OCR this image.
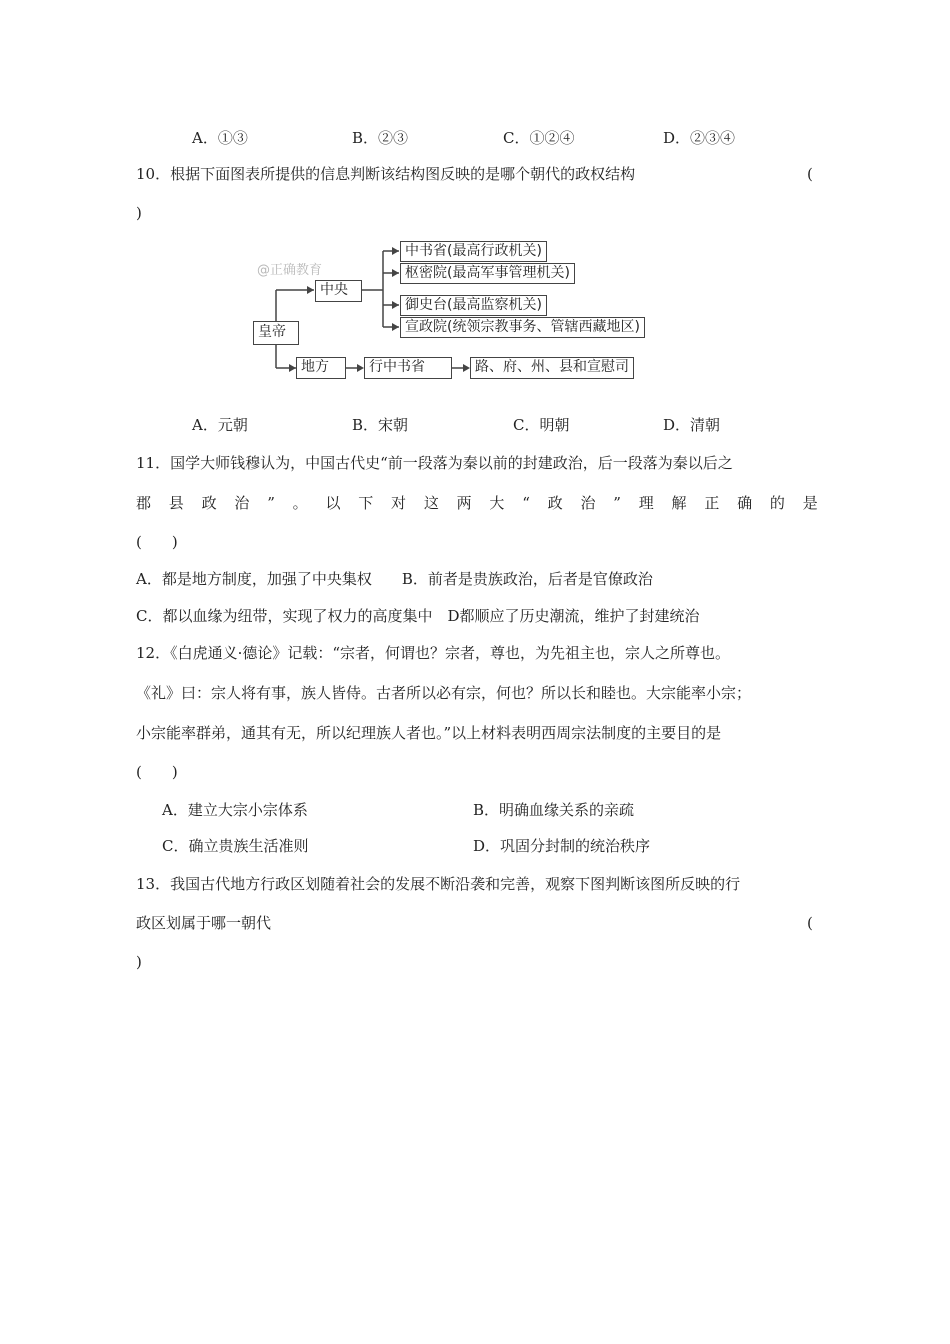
A．①③	B．②③	C．①②④	D．②③④
10．根据下面图表所提供的信息判断该结构图反映的是哪个朝代的政权结构	(
)
@正确教育
皇帝
中央
地方
中书省(最高行政机关)
枢密院(最高军事管理机关)
御史台(最高监察机关)
宣政院(统领宗教事务、管辖西藏地区)
行中书省	路、府、州、县和宣慰司
A．元朝	B．宋朝	C．明朝	D．清朝
11．国学大师钱穆认为，中国古代史“前一段落为秦以前的封建政治，后一段落为秦以后之
郡 县 政 治 ” 。 以 下 对 这 两 大 “ 政 治 ” 理 解 正 确 的 是
(　　)
A．都是地方制度，加强了中央集权　　B．前者是贵族政治，后者是官僚政治
C．都以血缘为纽带，实现了权力的高度集中　D都顺应了历史潮流，维护了封建统治
12．《白虎通义·德论》记载：“宗者，何谓也？宗者，尊也，为先祖主也，宗人之所尊也。
《礼》曰：宗人将有事，族人皆侍。古者所以必有宗，何也？所以长和睦也。大宗能率小宗；
小宗能率群弟，通其有无，所以纪理族人者也。”以上材料表明西周宗法制度的主要目的是
(　　)
A．建立大宗小宗体系	B．明确血缘关系的亲疏
C．确立贵族生活准则	D．巩固分封制的统治秩序
13．我国古代地方行政区划随着社会的发展不断沿袭和完善，观察下图判断该图所反映的行
政区划属于哪一朝代	(
)
